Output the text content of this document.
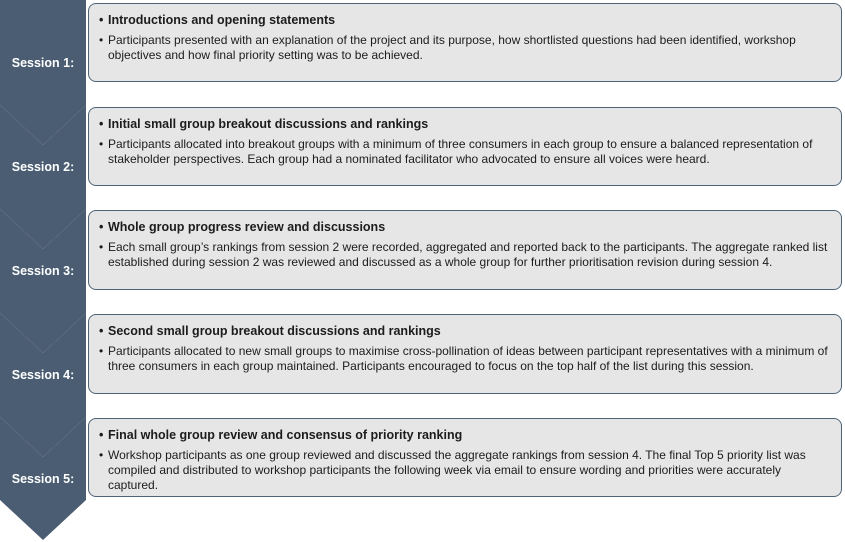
Session 1:
Session 2:
Session 3:
Session 4:
Session 5:
• Introductions and opening statements
• Participants presented with an explanation of the project and its purpose, how shortlisted questions had been identified, workshop objectives and how final priority setting was to be achieved.
• Initial small group breakout discussions and rankings
• Participants allocated into breakout groups with a minimum of three consumers in each group to ensure a balanced representation of stakeholder perspectives. Each group had a nominated facilitator who advocated to ensure all voices were heard.
• Whole group progress review and discussions
• Each small group’s rankings from session 2 were recorded, aggregated and reported back to the participants. The aggregate ranked list established during session 2 was reviewed and discussed as a whole group for further prioritisation revision during session 4.
• Second small group breakout discussions and rankings
• Participants allocated to new small groups to maximise cross-pollination of ideas between participant representatives with a minimum of three consumers in each group maintained. Participants encouraged to focus on the top half of the list during this session.
• Final whole group review and consensus of priority ranking
• Workshop participants as one group reviewed and discussed the aggregate rankings from session 4. The final Top 5 priority list was compiled and distributed to workshop participants the following week via email to ensure wording and priorities were accurately captured.
